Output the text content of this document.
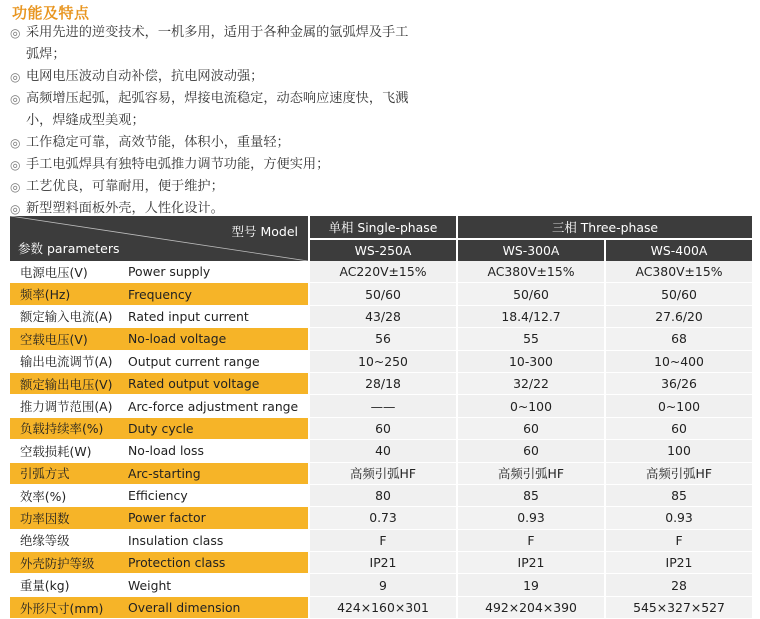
功能及特点
◎ 采用先进的逆变技术，一机多用，适用于各种金属的氩弧焊及手工
弧焊；
◎ 电网电压波动自动补偿，抗电网波动强；
◎ 高频增压起弧，起弧容易，焊接电流稳定，动态响应速度快，飞溅
小，焊缝成型美观；
◎ 工作稳定可靠，高效节能，体积小，重量轻；
◎ 手工电弧焊具有独特电弧推力调节功能，方便实用；
◎ 工艺优良，可靠耐用，便于维护；
◎ 新型塑料面板外壳，人性化设计。
型号 Model
参数 parameters		单相 Single-phase	三相 Three-phase	
		WS-250A	WS-300A	WS-400A
电源电压(V)	Power supply	AC220V±15%	AC380V±15%	AC380V±15%
频率(Hz)	Frequency	50/60	50/60	50/60
额定输入电流(A)	Rated input current	43/28	18.4/12.7	27.6/20
空载电压(V)	No-load voltage	56	55	68
输出电流调节(A)	Output current range	10~250	10-300	10~400
额定输出电压(V)	Rated output voltage	28/18	32/22	36/26
推力调节范围(A)	Arc-force adjustment range	——	0~100	0~100
负载持续率(%)	Duty cycle	60	60	60
空载损耗(W)	No-load loss	40	60	100
引弧方式	Arc-starting	高频引弧HF	高频引弧HF	高频引弧HF
效率(%)	Efficiency	80	85	85
功率因数	Power factor	0.73	0.93	0.93
绝缘等级	Insulation class	F	F	F
外壳防护等级	Protection class	IP21	IP21	IP21
重量(kg)	Weight	9	19	28
外形尺寸(mm)	Overall dimension	424×160×301	492×204×390	545×327×527
